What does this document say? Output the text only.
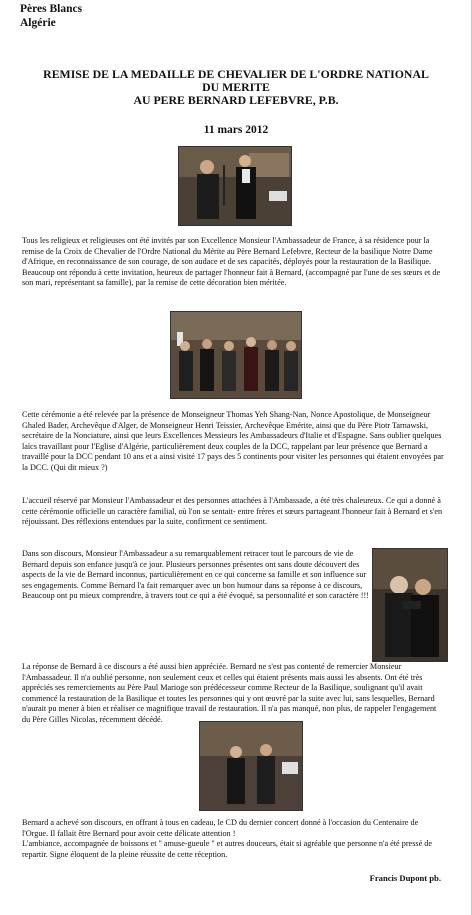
Pères Blancs
Algérie
REMISE DE LA MEDAILLE DE CHEVALIER DE L'ORDRE NATIONAL
DU MERITE
AU PERE BERNARD LEFEBVRE, P.B.
11 mars 2012

Tous les religieux et religieuses ont été invités par son Excellence Monsieur l'Ambassadeur de France, à sa résidence pour la remise de la Croix de Chevalier de l'Ordre National du Mérite au Père Bernard Lefebvre, Recteur de la basilique Notre Dame d'Afrique, en reconnaissance de son courage, de son audace et de ses capacités, déployés pour la restauration de la Basilique. Beaucoup ont répondu à cette invitation, heureux de partager l'honneur fait à Bernard, (accompagné par l'une de ses sœurs et de son mari, représentant sa famille), par la remise de cette décoration bien méritée.

Cette cérémonie a été relevée par la présence de Monseigneur Thomas Yeh Shang-Nan, Nonce Apostolique, de Monseigneur Ghaled Bader, Archevêque d'Alger, de Monseigneur Henri Teissier, Archevêque Emérite, ainsi que du Père Piotr Tarnawski, secrétaire de la Nonciature, ainsi que leurs Excellences Messieurs les Ambassadeurs d'Italie et d'Espagne. Sans oublier quelques laïcs travaillant pour l'Eglise d'Algérie, particulièrement deux couples de la DCC, rappelant par leur présence que Bernard a travaillé pour la DCC pendant 10 ans et a ainsi visité 17 pays des 5 continents pour visiter les personnes qui étaient envoyées par la DCC. (Qui dit mieux ?)

L'accueil réservé par Monsieur l'Ambassadeur et des personnes attachées à l'Ambassade, a été très chaleureux. Ce qui a donné à cette cérémonie officielle un caractère familial, où l'on se sentait- entre frères et sœurs partageant l'honneur fait à Bernard et s'en réjouissant. Des réflexions entendues par la suite, confirment ce sentiment.

Dans son discours, Monsieur l'Ambassadeur a su remarquablement retracer tout le parcours de vie de Bernard depuis son enfance jusqu'à ce jour. Plusieurs personnes présentes ont sans doute découvert des aspects de la vie de Bernard inconnus, particulièrement en ce qui concerne sa famille et son influence sur ses engagements. Comme Bernard l'a fait remarquer avec un bon humour dans sa réponse à ce discours, Beaucoup ont pu mieux comprendre, à travers tout ce qui a été évoqué, sa personnalité et son caractère !!!

La réponse de Bernard à ce discours a été aussi bien appréciée. Bernard ne s'est pas contenté de remercier Monsieur l'Ambassadeur. Il n'a oublié personne, non seulement ceux et celles qui étaient présents mais aussi les absents. Ont été très appréciés ses remerciements au Père Paul Marioge son prédécesseur comme Recteur de la Basilique, soulignant qu'il avait commencé la restauration de la Basilique et toutes les personnes qui y ont œuvré par la suite avec lui, sans lesquelles, Bernard n'aurait pu mener à bien et réaliser ce magnifique travail de restauration. Il n'a pas manqué, non plus, de rappeler l'engagement du Père Gilles Nicolas, récemment décédé.

Bernard a achevé son discours, en offrant à tous en cadeau, le CD du dernier concert donné à l'occasion du Centenaire de l'Orgue. Il fallait être Bernard pour avoir cette délicate attention !
L'ambiance, accompagnée de boissons et " amuse-gueule " et autres douceurs, était si agréable que personne n'a été pressé de repartir. Signe éloquent de la pleine réussite de cette réception.

Francis Dupont pb.
